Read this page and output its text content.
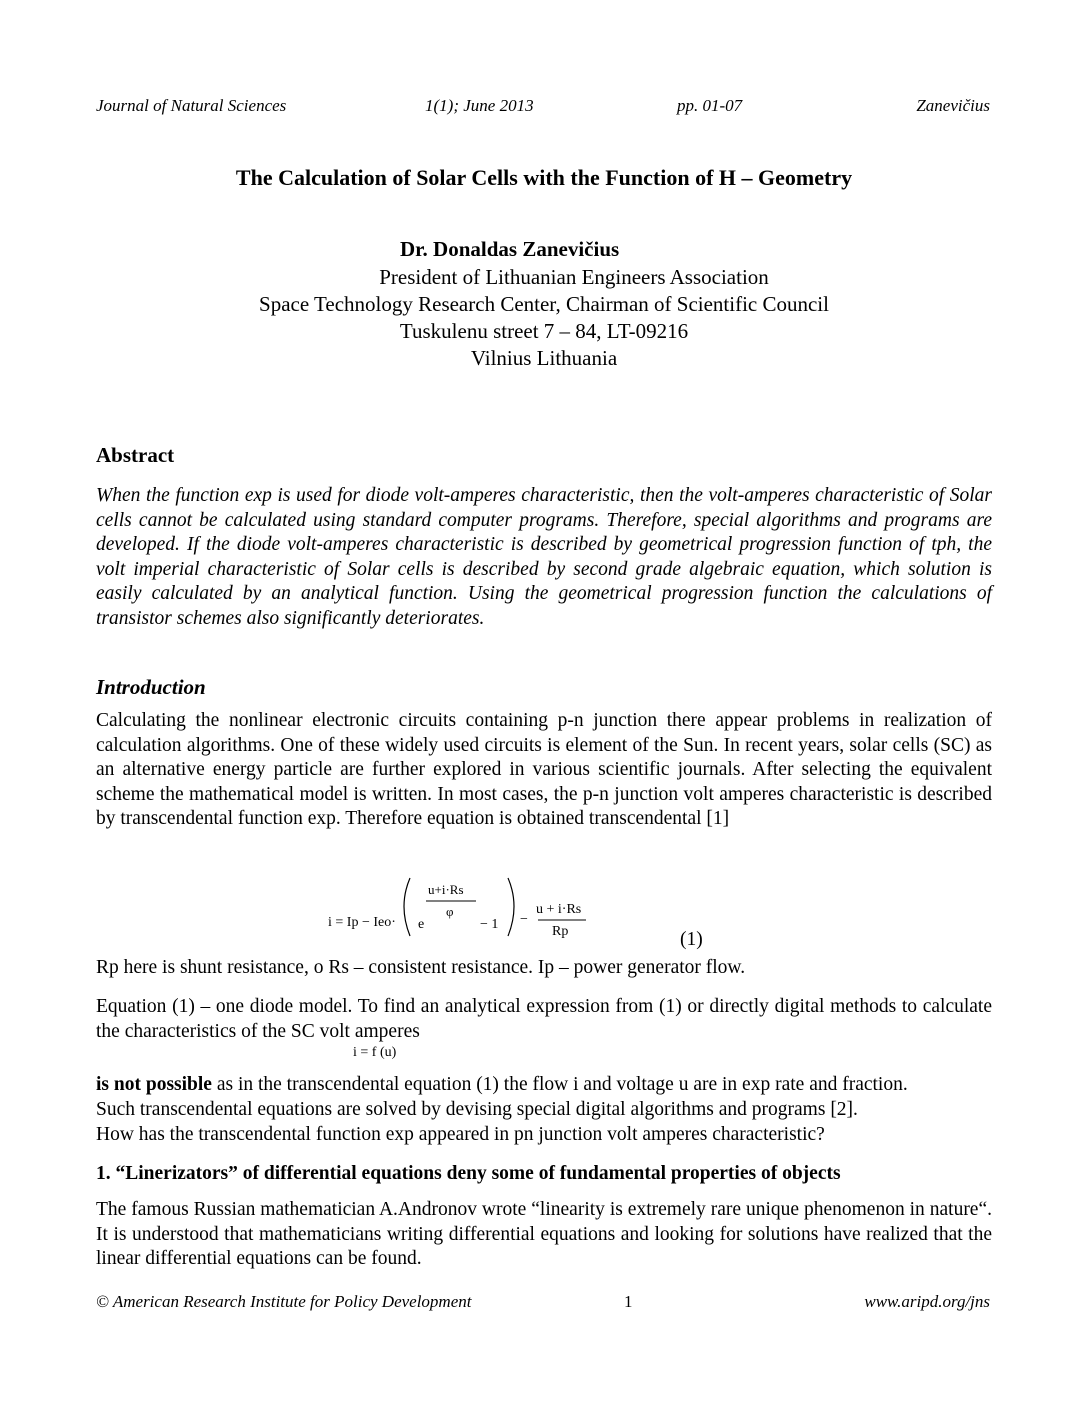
Journal of Natural Sciences	1(1); June 2013	pp. 01-07	Zanevičius
The Calculation of Solar Cells with the Function of H – Geometry
Dr. Donaldas Zanevičius
President of Lithuanian Engineers Association
Space Technology Research Center, Chairman of Scientific Council
Tuskulenu street 7 – 84, LT-09216
Vilnius Lithuania
Abstract
When the function exp is used for diode volt-amperes characteristic, then the volt-amperes characteristic of Solar cells cannot be calculated using standard computer programs. Therefore, special algorithms and programs are developed. If the diode volt-amperes characteristic is described by geometrical progression function of tph, the volt imperial characteristic of Solar cells is described by second grade algebraic equation, which solution is easily calculated by an analytical function. Using the geometrical progression function the calculations of transistor schemes also significantly deteriorates.
Introduction
Calculating the nonlinear electronic circuits containing p-n junction there appear problems in realization of calculation algorithms. One of these widely used circuits is element of the Sun. In recent years, solar cells (SC) as an alternative energy particle are further explored in various scientific journals. After selecting the equivalent scheme the mathematical model is written. In most cases, the p-n junction volt amperes characteristic is described by transcendental function exp. Therefore equation is obtained transcendental [1]
i = Ip − Ieo· e
u+i·Rs
φ
− 1 −
u + i·Rs
Rp	(1)
Rp here is shunt resistance, o Rs – consistent resistance. Ip – power generator flow.
Equation (1) – one diode model. To find an analytical expression from (1) or directly digital methods to calculate the characteristics of the SC volt amperes
i = f (u)
is not possible as in the transcendental equation (1) the flow i and voltage u are in exp rate and fraction.
Such transcendental equations are solved by devising special digital algorithms and programs [2].
How has the transcendental function exp appeared in pn junction volt amperes characteristic?
1. “Linerizators” of differential equations deny some of fundamental properties of objects
The famous Russian mathematician A.Andronov wrote “linearity is extremely rare unique phenomenon in nature“. It is understood that mathematicians writing differential equations and looking for solutions have realized that the linear differential equations can be found.
© American Research Institute for Policy Development	1	www.aripd.org/jns
